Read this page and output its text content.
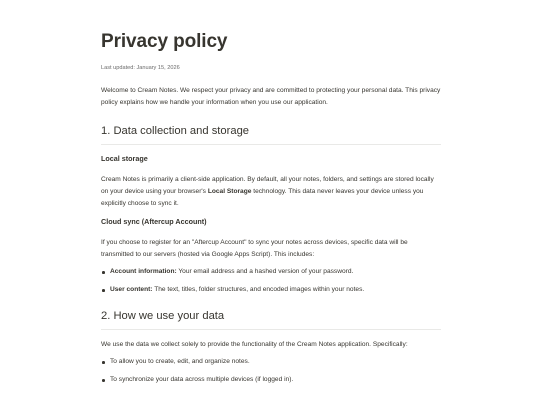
Privacy policy
Last updated: January 15, 2026

Welcome to Cream Notes. We respect your privacy and are committed to protecting your personal data. This privacy policy explains how we handle your information when you use our application.

1. Data collection and storage
Local storage

Cream Notes is primarily a client-side application. By default, all your notes, folders, and settings are stored locally on your device using your browser's Local Storage technology. This data never leaves your device unless you explicitly choose to sync it.

Cloud sync (Aftercup Account)

If you choose to register for an "Aftercup Account" to sync your notes across devices, specific data will be transmitted to our servers (hosted via Google Apps Script). This includes:

Account information: Your email address and a hashed version of your password.
User content: The text, titles, folder structures, and encoded images within your notes.
2. How we use your data

We use the data we collect solely to provide the functionality of the Cream Notes application. Specifically:

To allow you to create, edit, and organize notes.
To synchronize your data across multiple devices (if logged in).
